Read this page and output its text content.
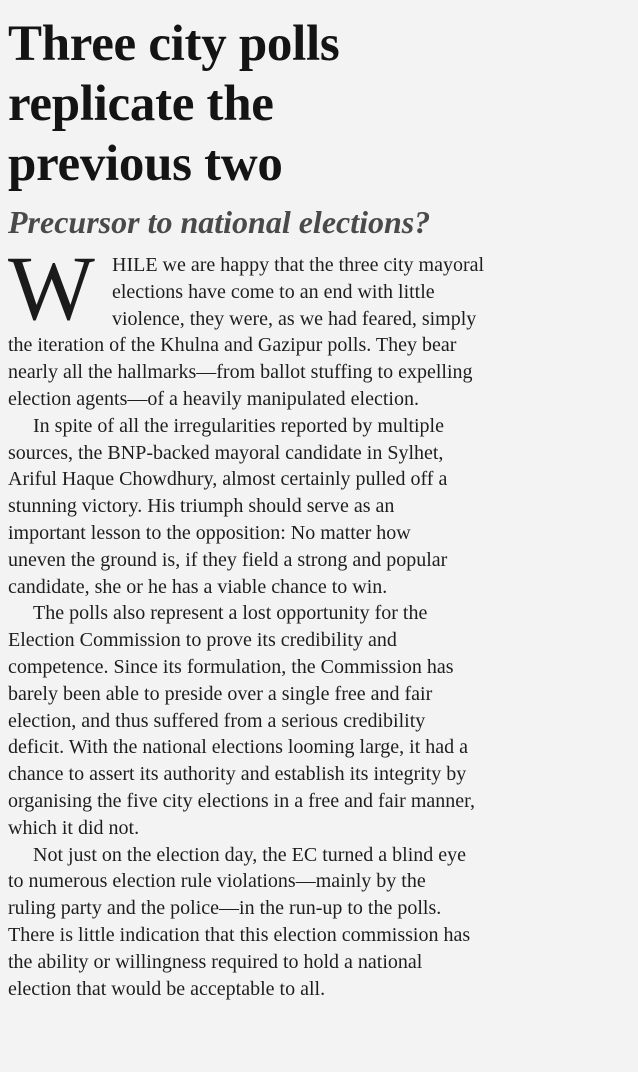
Three city polls
replicate the
previous two
Precursor to national elections?

W HILE we are happy that the three city mayoral
elections have come to an end with little
violence, they were, as we had feared, simply
the iteration of the Khulna and Gazipur polls. They bear
nearly all the hallmarks—from ballot stuffing to expelling
election agents—of a heavily manipulated election.

In spite of all the irregularities reported by multiple
sources, the BNP-backed mayoral candidate in Sylhet,
Ariful Haque Chowdhury, almost certainly pulled off a
stunning victory. His triumph should serve as an
important lesson to the opposition: No matter how
uneven the ground is, if they field a strong and popular
candidate, she or he has a viable chance to win.

The polls also represent a lost opportunity for the
Election Commission to prove its credibility and
competence. Since its formulation, the Commission has
barely been able to preside over a single free and fair
election, and thus suffered from a serious credibility
deficit. With the national elections looming large, it had a
chance to assert its authority and establish its integrity by
organising the five city elections in a free and fair manner,
which it did not.

Not just on the election day, the EC turned a blind eye
to numerous election rule violations—mainly by the
ruling party and the police—in the run-up to the polls.
There is little indication that this election commission has
the ability or willingness required to hold a national
election that would be acceptable to all.
